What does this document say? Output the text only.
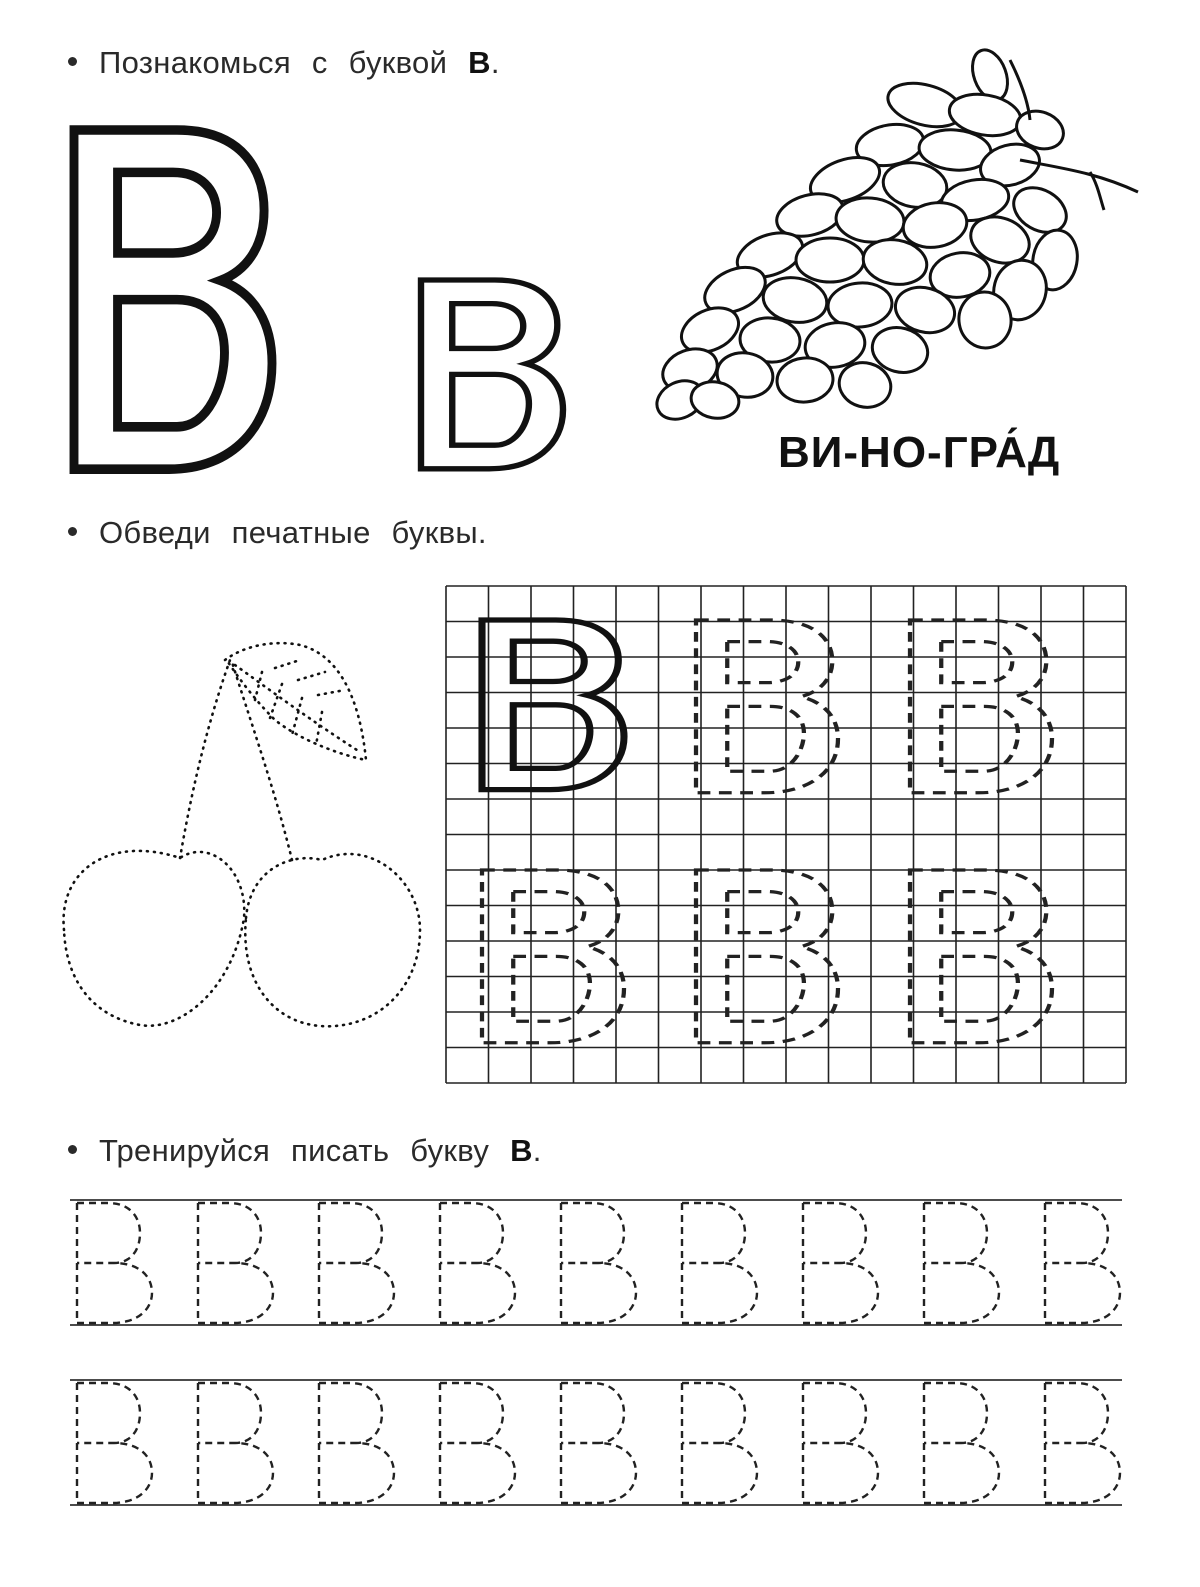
Познакомься с буквой В.
Обведи печатные буквы.
Тренируйся писать букву В.
ВИ-НО-ГРА́Д
